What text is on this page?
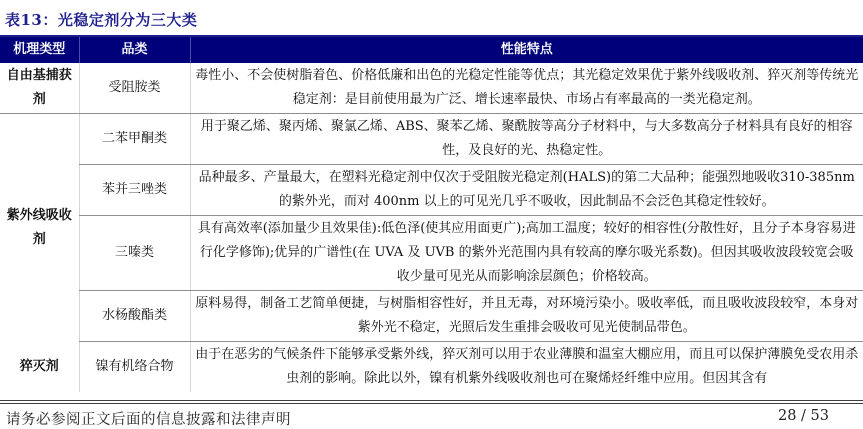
表13：光稳定剂分为三大类
机理类型	品类	性能特点
自由基捕获剂	受阻胺类	毒性小、不会使树脂着色、价格低廉和出色的光稳定性能等优点；其光稳定效果优于紫外线吸收剂、猝灭剂等传统光稳定剂：是目前使用最为广泛、增长速率最快、市场占有率最高的一类光稳定剂。
紫外线吸收剂	二苯甲酮类	用于聚乙烯、聚丙烯、聚氯乙烯、ABS、聚苯乙烯、聚酰胺等高分子材料中，与大多数高分子材料具有良好的相容性，及良好的光、热稳定性。
	苯并三唑类	品种最多、产量最大，在塑料光稳定剂中仅次于受阻胺光稳定剂(HALS)的第二大品种；能强烈地吸收310-385nm 的紫外光，而对 400nm 以上的可见光几乎不吸收，因此制品不会泛色其稳定性较好。
	三嗪类	具有高效率(添加量少且效果佳):低色泽(使其应用面更广);高加工温度；较好的相容性(分散性好，且分子本身容易进行化学修饰);优异的广谱性(在 UVA 及 UVB 的紫外光范围内具有较高的摩尔吸光系数)。但因其吸收波段较宽会吸收少量可见光从而影响涂层颜色；价格较高。
	水杨酸酯类	原料易得，制备工艺简单便捷，与树脂相容性好，并且无毒，对环境污染小。吸收率低，而且吸收波段较窄，本身对紫外光不稳定，光照后发生重排会吸收可见光使制品带色。
猝灭剂	镍有机络合物	由于在恶劣的气候条件下能够承受紫外线，猝灭剂可以用于农业薄膜和温室大棚应用，而且可以保护薄膜免受农用杀虫剂的影响。除此以外，镍有机紫外线吸收剂也可在聚烯烃纤维中应用。但因其含有
请务必参阅正文后面的信息披露和法律声明	28 / 53
